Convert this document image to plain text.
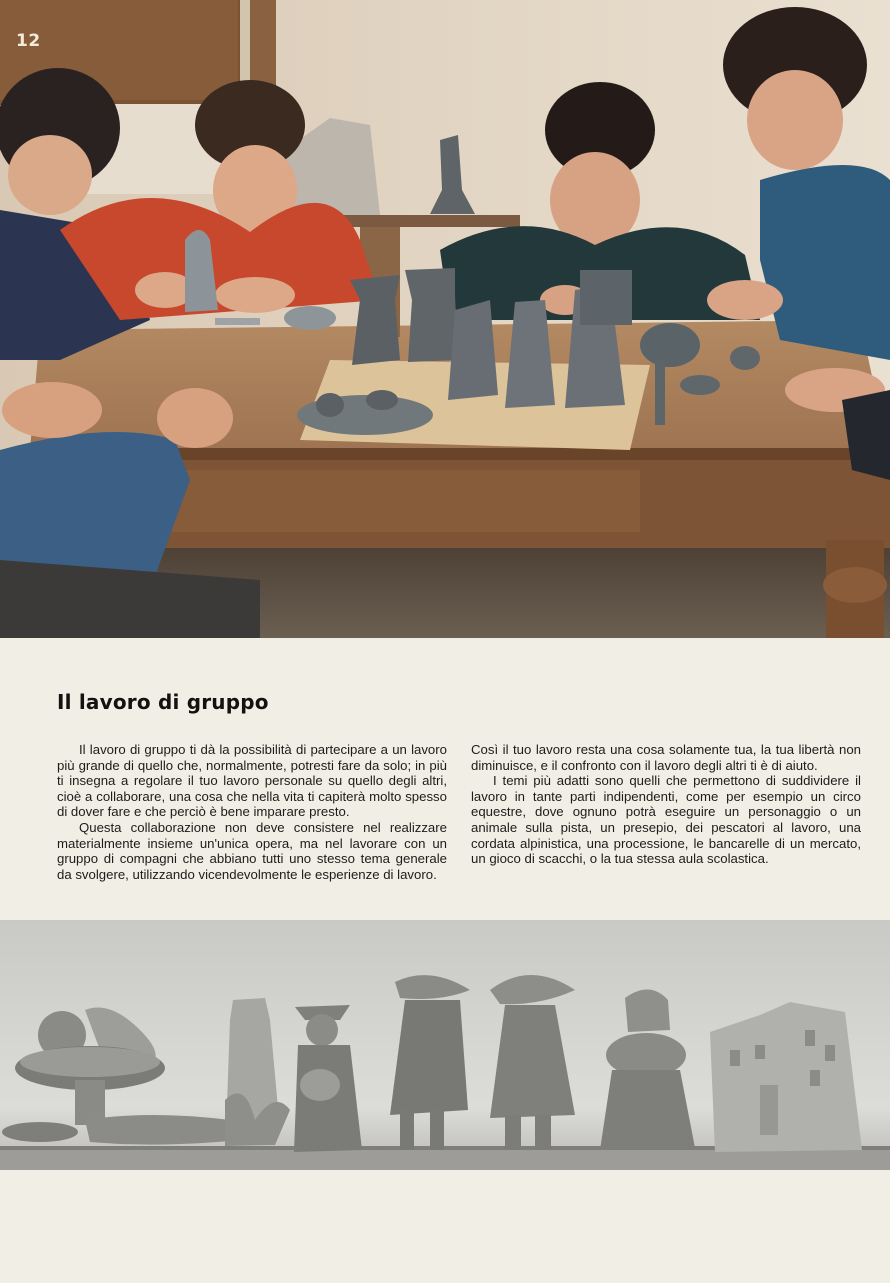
12
Il lavoro di gruppo

Il lavoro di gruppo ti dà la possibilità di partecipare a un lavoro più grande di quello che, normalmente, potresti fare da solo; in più ti insegna a regolare il tuo lavoro personale su quello degli altri, cioè a collaborare, una cosa che nella vita ti capiterà molto spesso di dover fare e che perciò è bene imparare presto.

Questa collaborazione non deve consistere nel realizzare materialmente insieme un'unica opera, ma nel lavorare con un gruppo di compagni che abbiano tutti uno stesso tema generale da svolgere, utilizzando vicendevolmente le esperienze di lavoro.

Così il tuo lavoro resta una cosa solamente tua, la tua libertà non diminuisce, e il confronto con il lavoro degli altri ti è di aiuto.

I temi più adatti sono quelli che permettono di suddividere il lavoro in tante parti indipendenti, come per esempio un circo equestre, dove ognuno potrà eseguire un personaggio o un animale sulla pista, un presepio, dei pescatori al lavoro, una cordata alpinistica, una processione, le bancarelle di un mercato, un gioco di scacchi, o la tua stessa aula scolastica.
